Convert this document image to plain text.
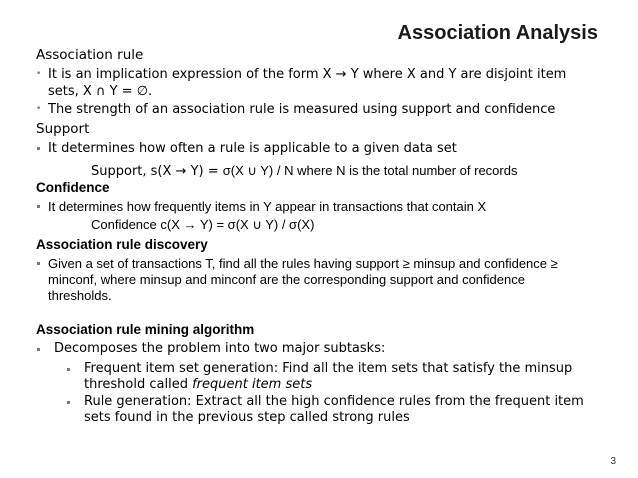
Association Analysis
Association rule
• It is an implication expression of the form X → Y where X and Y are disjoint item
sets, X ∩ Y = ∅.
• The strength of an association rule is measured using support and confidence
Support
It determines how often a rule is applicable to a given data set
Support, s(X → Y) = σ(X ∪ Y) / N where N is the total number of records
Confidence
It determines how frequently items in Y appear in transactions that contain X
Confidence c(X → Y) = σ(X ∪ Y) / σ(X)
Association rule discovery
Given a set of transactions T, find all the rules having support ≥ minsup and confidence ≥
minconf, where minsup and minconf are the corresponding support and confidence
thresholds.
Association rule mining algorithm
Decomposes the problem into two major subtasks:
Frequent item set generation: Find all the item sets that satisfy the minsup
threshold called frequent item sets
Rule generation: Extract all the high confidence rules from the frequent item
sets found in the previous step called strong rules
3
